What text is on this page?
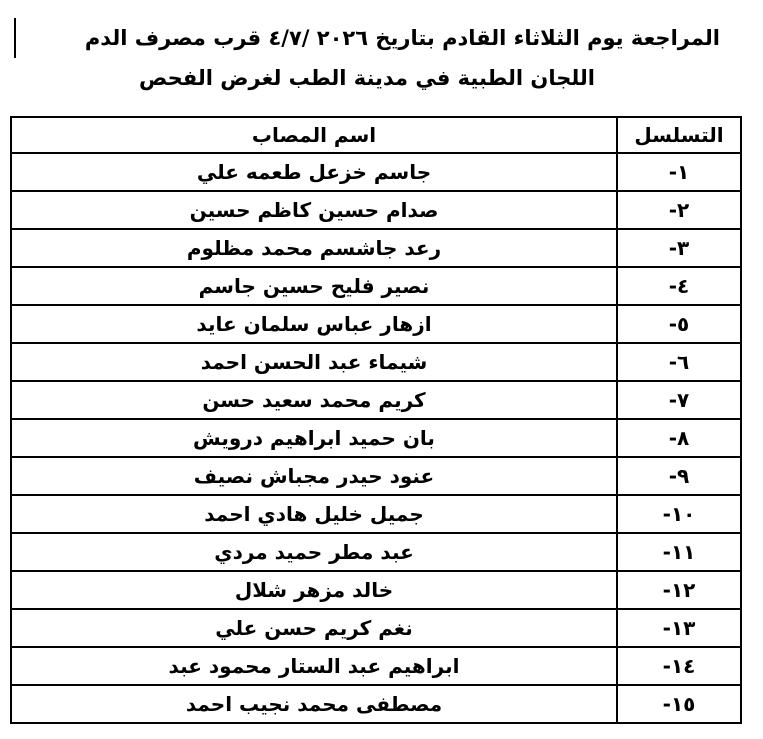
المراجعة يوم الثلاثاء القادم بتاريخ ٢٠٢٦ /٤/٧ قرب مصرف الدم
اللجان الطبية في مدينة الطب لغرض الفحص
التسلسل	اسم المصاب
١-	جاسم خزعل طعمه علي
٢-	صدام حسين كاظم حسين
٣-	رعد جاشسم محمد مظلوم
٤-	نصير فليح حسين جاسم
٥-	ازهار عباس سلمان عايد
٦-	شيماء عبد الحسن احمد
٧-	كريم محمد سعيد حسن
٨-	بان حميد ابراهيم درويش
٩-	عنود حيدر مجباش نصيف
١٠-	جميل خليل هادي احمد
١١-	عبد مطر حميد مردي
١٢-	خالد مزهر شلال
١٣-	نغم كريم حسن علي
١٤-	ابراهيم عبد الستار محمود عبد
١٥-	مصطفى محمد نجيب احمد
